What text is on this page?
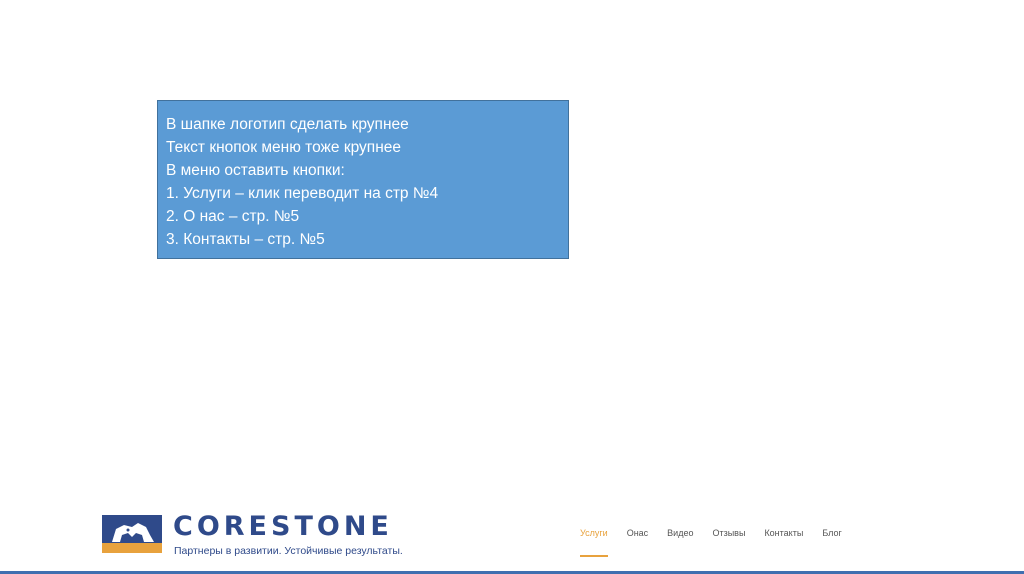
В шапке логотип сделать крупнее
Текст кнопок меню тоже крупнее
В меню оставить кнопки:
1. Услуги – клик переводит на стр №4
2. О нас – стр. №5
3. Контакты – стр. №5
CORESTONE
Партнеры в развитии. Устойчивые результаты.
Услуги Онас Видео Отзывы Контакты Блог
